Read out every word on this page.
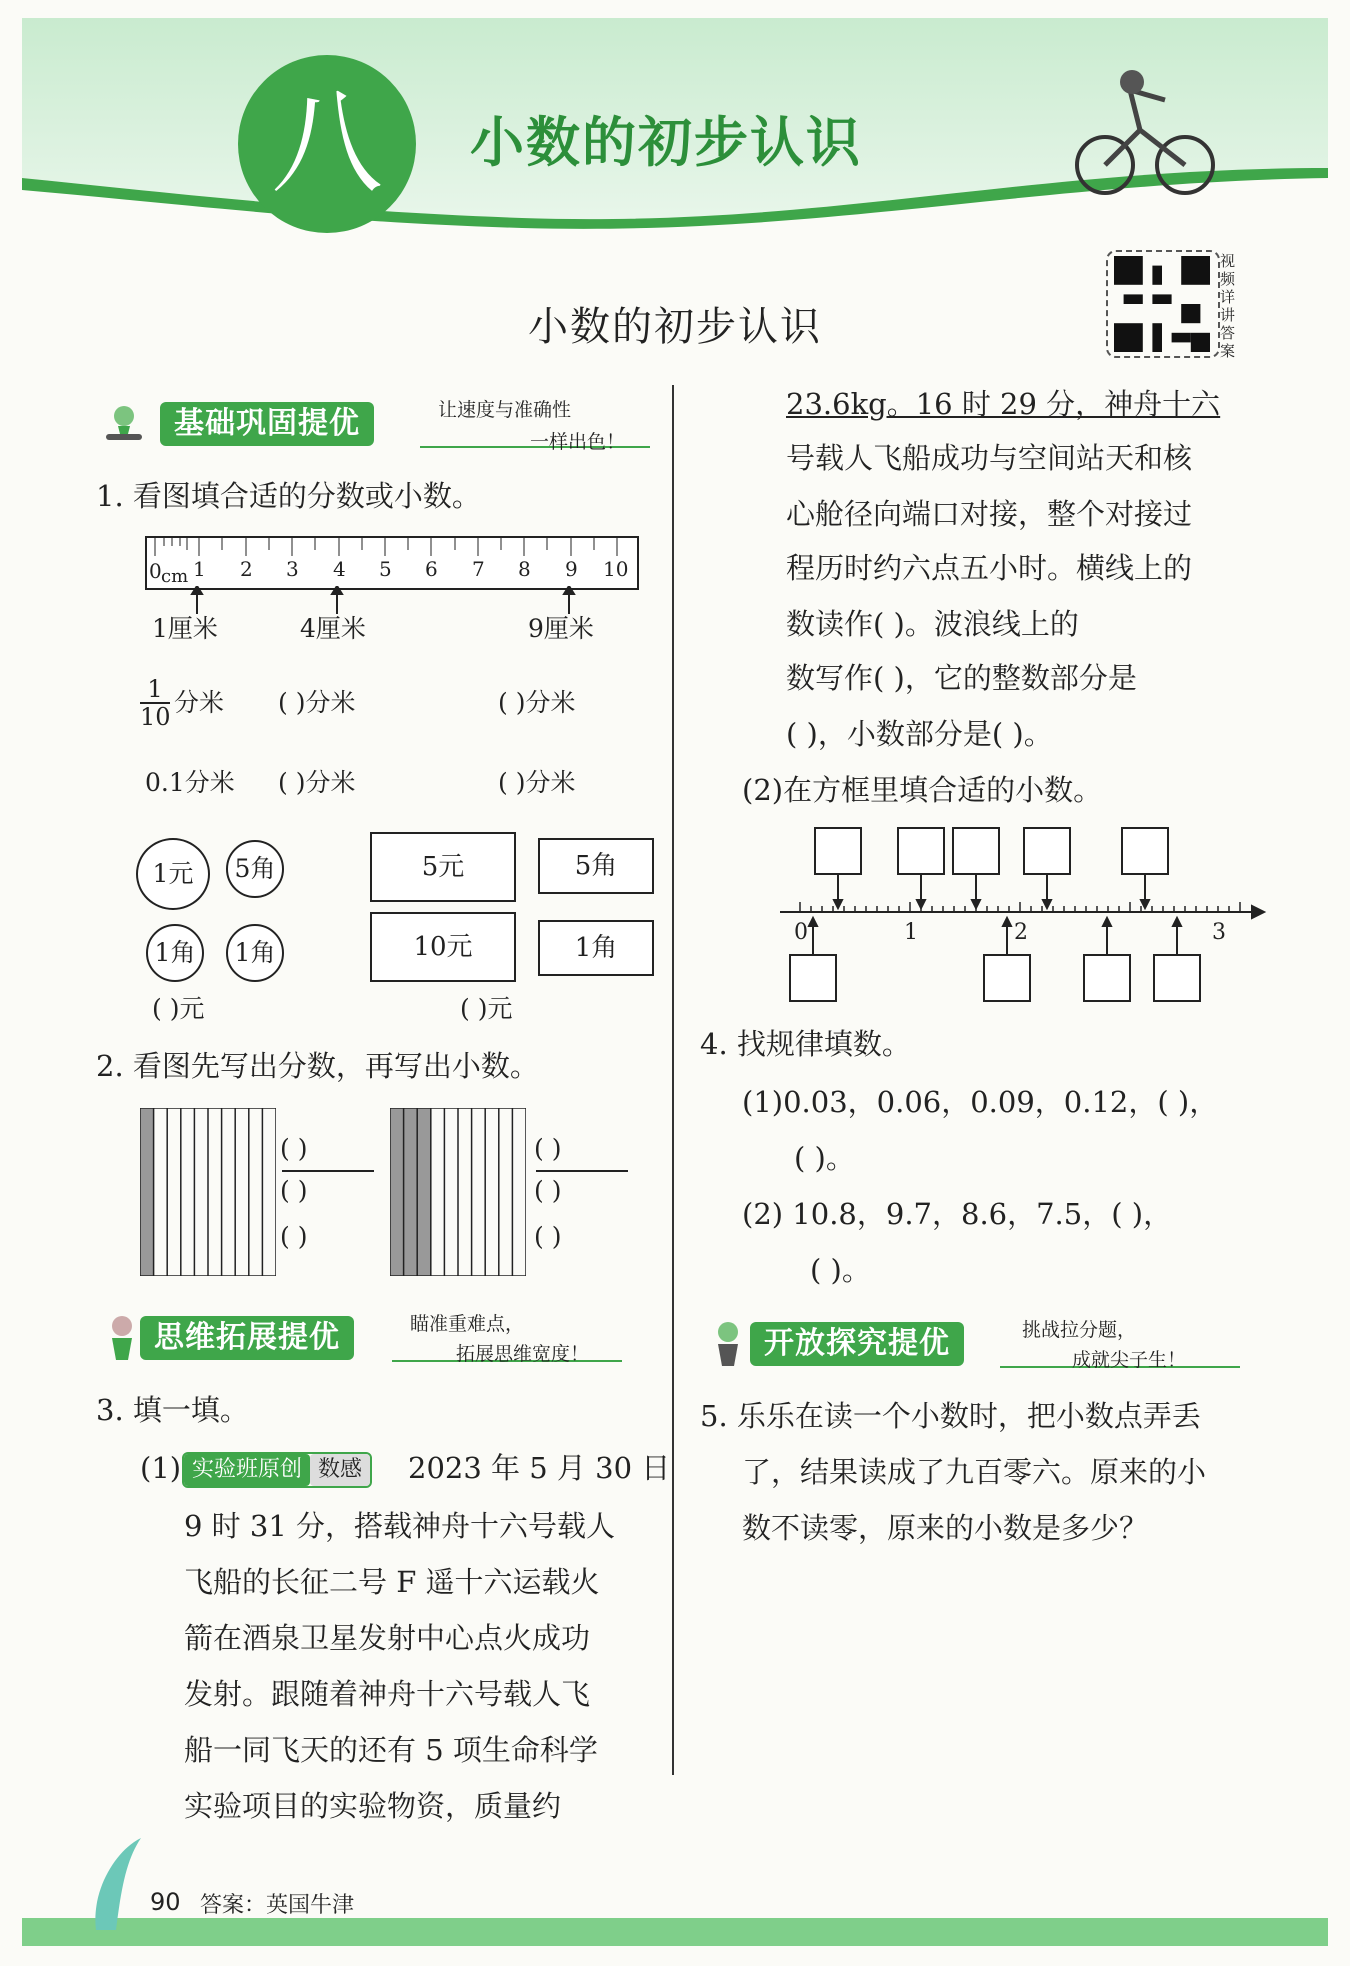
八	小数的初步认识
小数的初步认识
视频详讲答案
基础巩固提优	让速度与准确性
一样出色！
1. 看图填合适的分数或小数。
0 cm 1 2 3 4 5 6 7 8 9 10
1厘米	4厘米	9厘米
$\frac{1}{10}$ 分米 ( )分米	( )分米
0.1分米 ( )分米	( )分米
1元	5角
1角	1角
5元	5角
10元	1角
( )元	( )元
2. 看图先写出分数，再写出小数。
( )
( )
( )
( )
( )
( )
思维拓展提优	瞄准重难点，
拓展思维宽度！
3. 填一填。
(1) 实验班原创 数感	2023 年 5 月 30 日
9 时 31 分，搭载神舟十六号载人
飞船的长征二号 F 遥十六运载火
箭在酒泉卫星发射中心点火成功
发射。跟随着神舟十六号载人飞
船一同飞天的还有 5 项生命科学
实验项目的实验物资，质量约
23.6kg。16 时 29 分，神舟十六
号载人飞船成功与空间站天和核
心舱径向端口对接，整个对接过
程历时约六点五小时。横线上的
数读作( )。波浪线上的
数写作( )，它的整数部分是
( )，小数部分是( )。
(2)在方框里填合适的小数。
0	1	2	3
4. 找规律填数。
(1)0.03，0.06，0.09，0.12，( )，
( )。
(2) 10.8，9.7，8.6，7.5，( )，
( )。
开放探究提优	挑战拉分题，
成就尖子生！
5. 乐乐在读一个小数时，把小数点弄丢
了，结果读成了九百零六。原来的小
数不读零，原来的小数是多少？
90 答案：英国牛津
